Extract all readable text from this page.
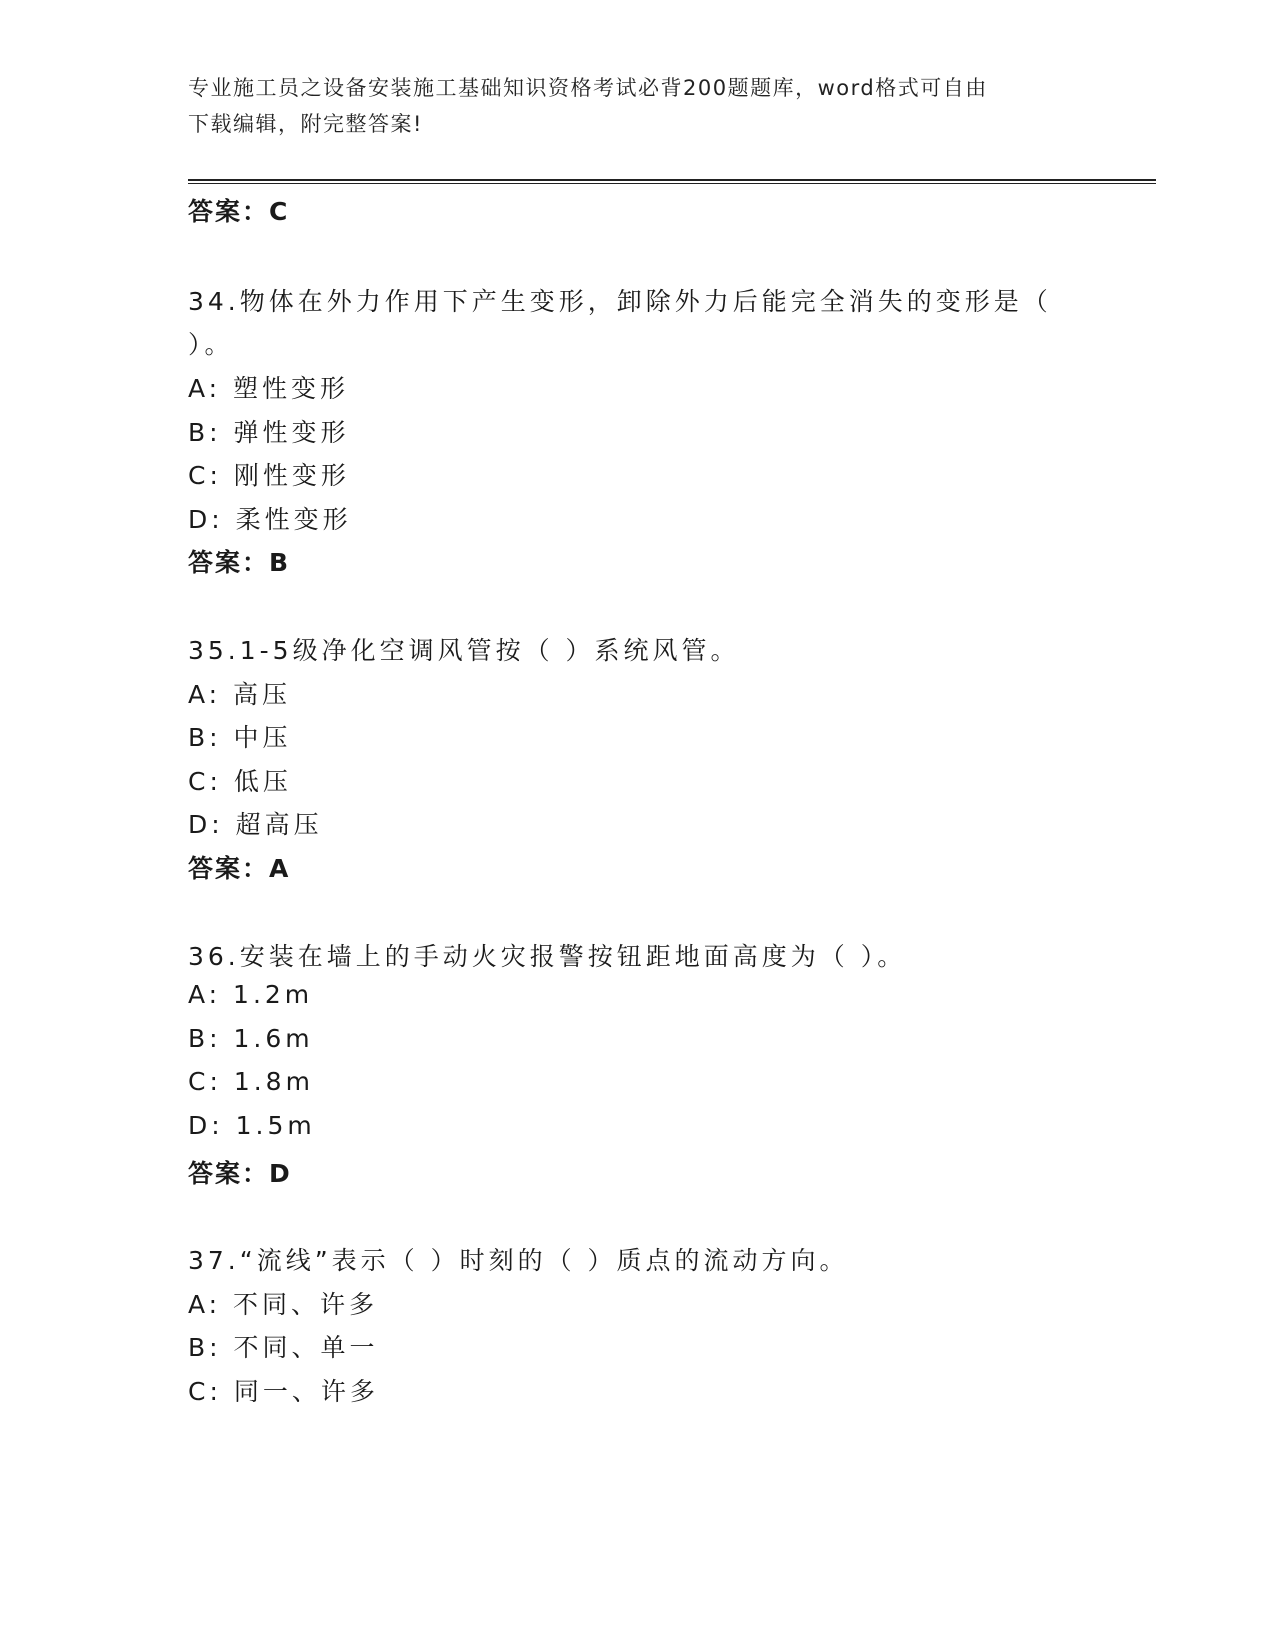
专业施工员之设备安装施工基础知识资格考试必背200题题库，word格式可自由
下载编辑，附完整答案!
答案：C
34.物体在外力作用下产生变形，卸除外力后能完全消失的变形是（
）。
A: 塑性变形
B: 弹性变形
C: 刚性变形
D: 柔性变形
答案：B
35.1-5级净化空调风管按（ ）系统风管。
A: 高压
B: 中压
C: 低压
D: 超高压
答案：A
36.安装在墙上的手动火灾报警按钮距地面高度为（ ）。
A: 1.2m
B: 1.6m
C: 1.8m
D: 1.5m
答案：D
37.“流线”表示（ ）时刻的（ ）质点的流动方向。
A: 不同、许多
B: 不同、单一
C: 同一、许多
